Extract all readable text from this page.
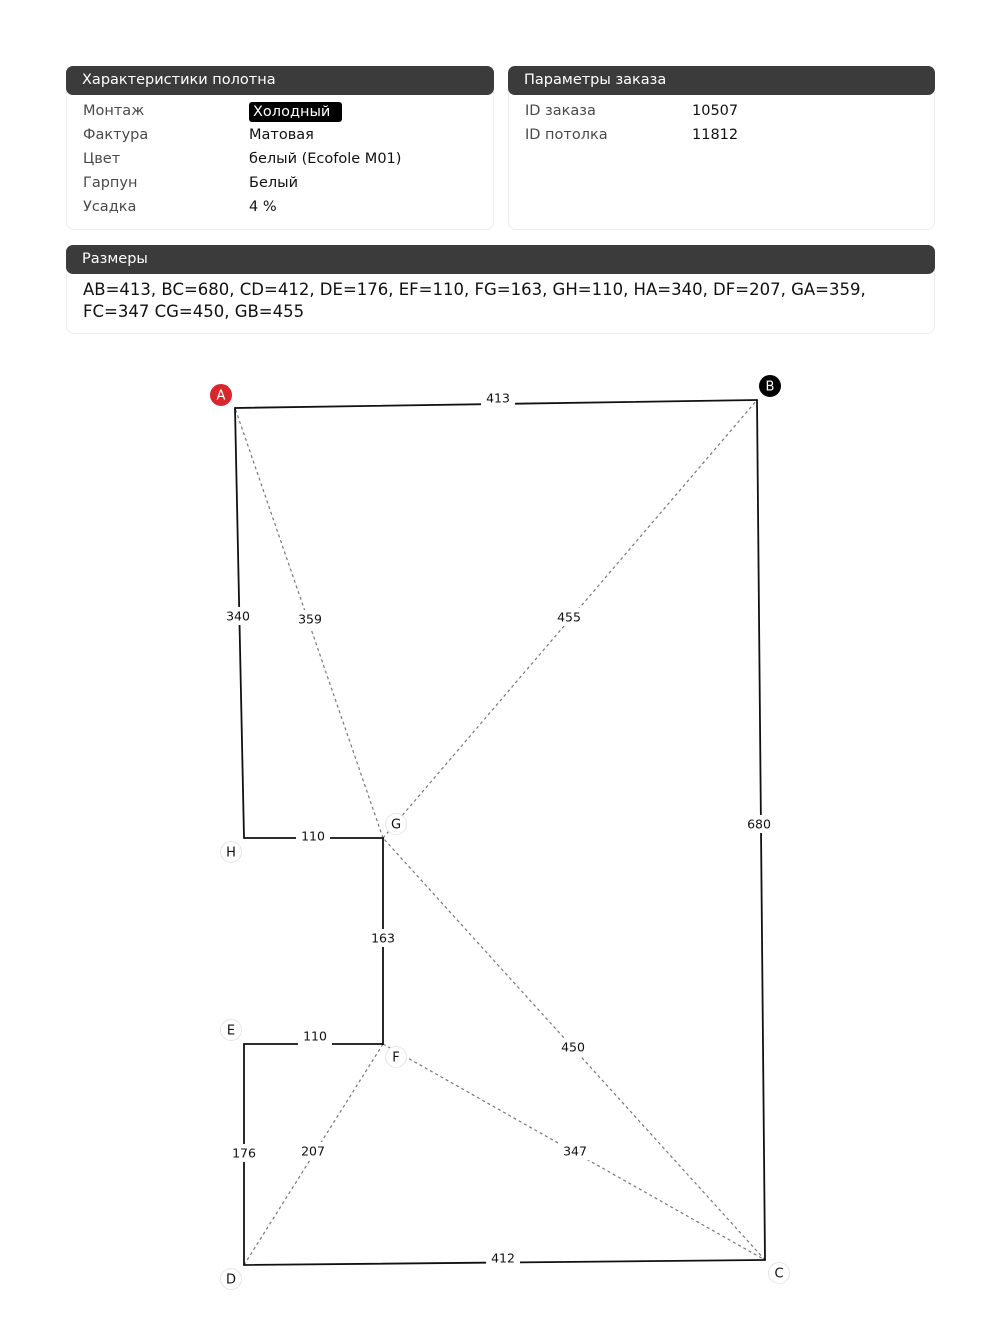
Характеристики полотна
Монтаж	Холодный
Фактура	Матовая
Цвет	белый (Ecofole M01)
Гарпун	Белый
Усадка	4 %
Параметры заказа
ID заказа	10507
ID потолка	11812
Размеры
AB=413, BC=680, CD=412, DE=176, EF=110, FG=163, GH=110, HA=340, DF=207, GA=359, FC=347 CG=450, GB=455
359	455
450
347
207
413
680
412
176
110
163
110
340
A
B
C
D
E
F
G
H
